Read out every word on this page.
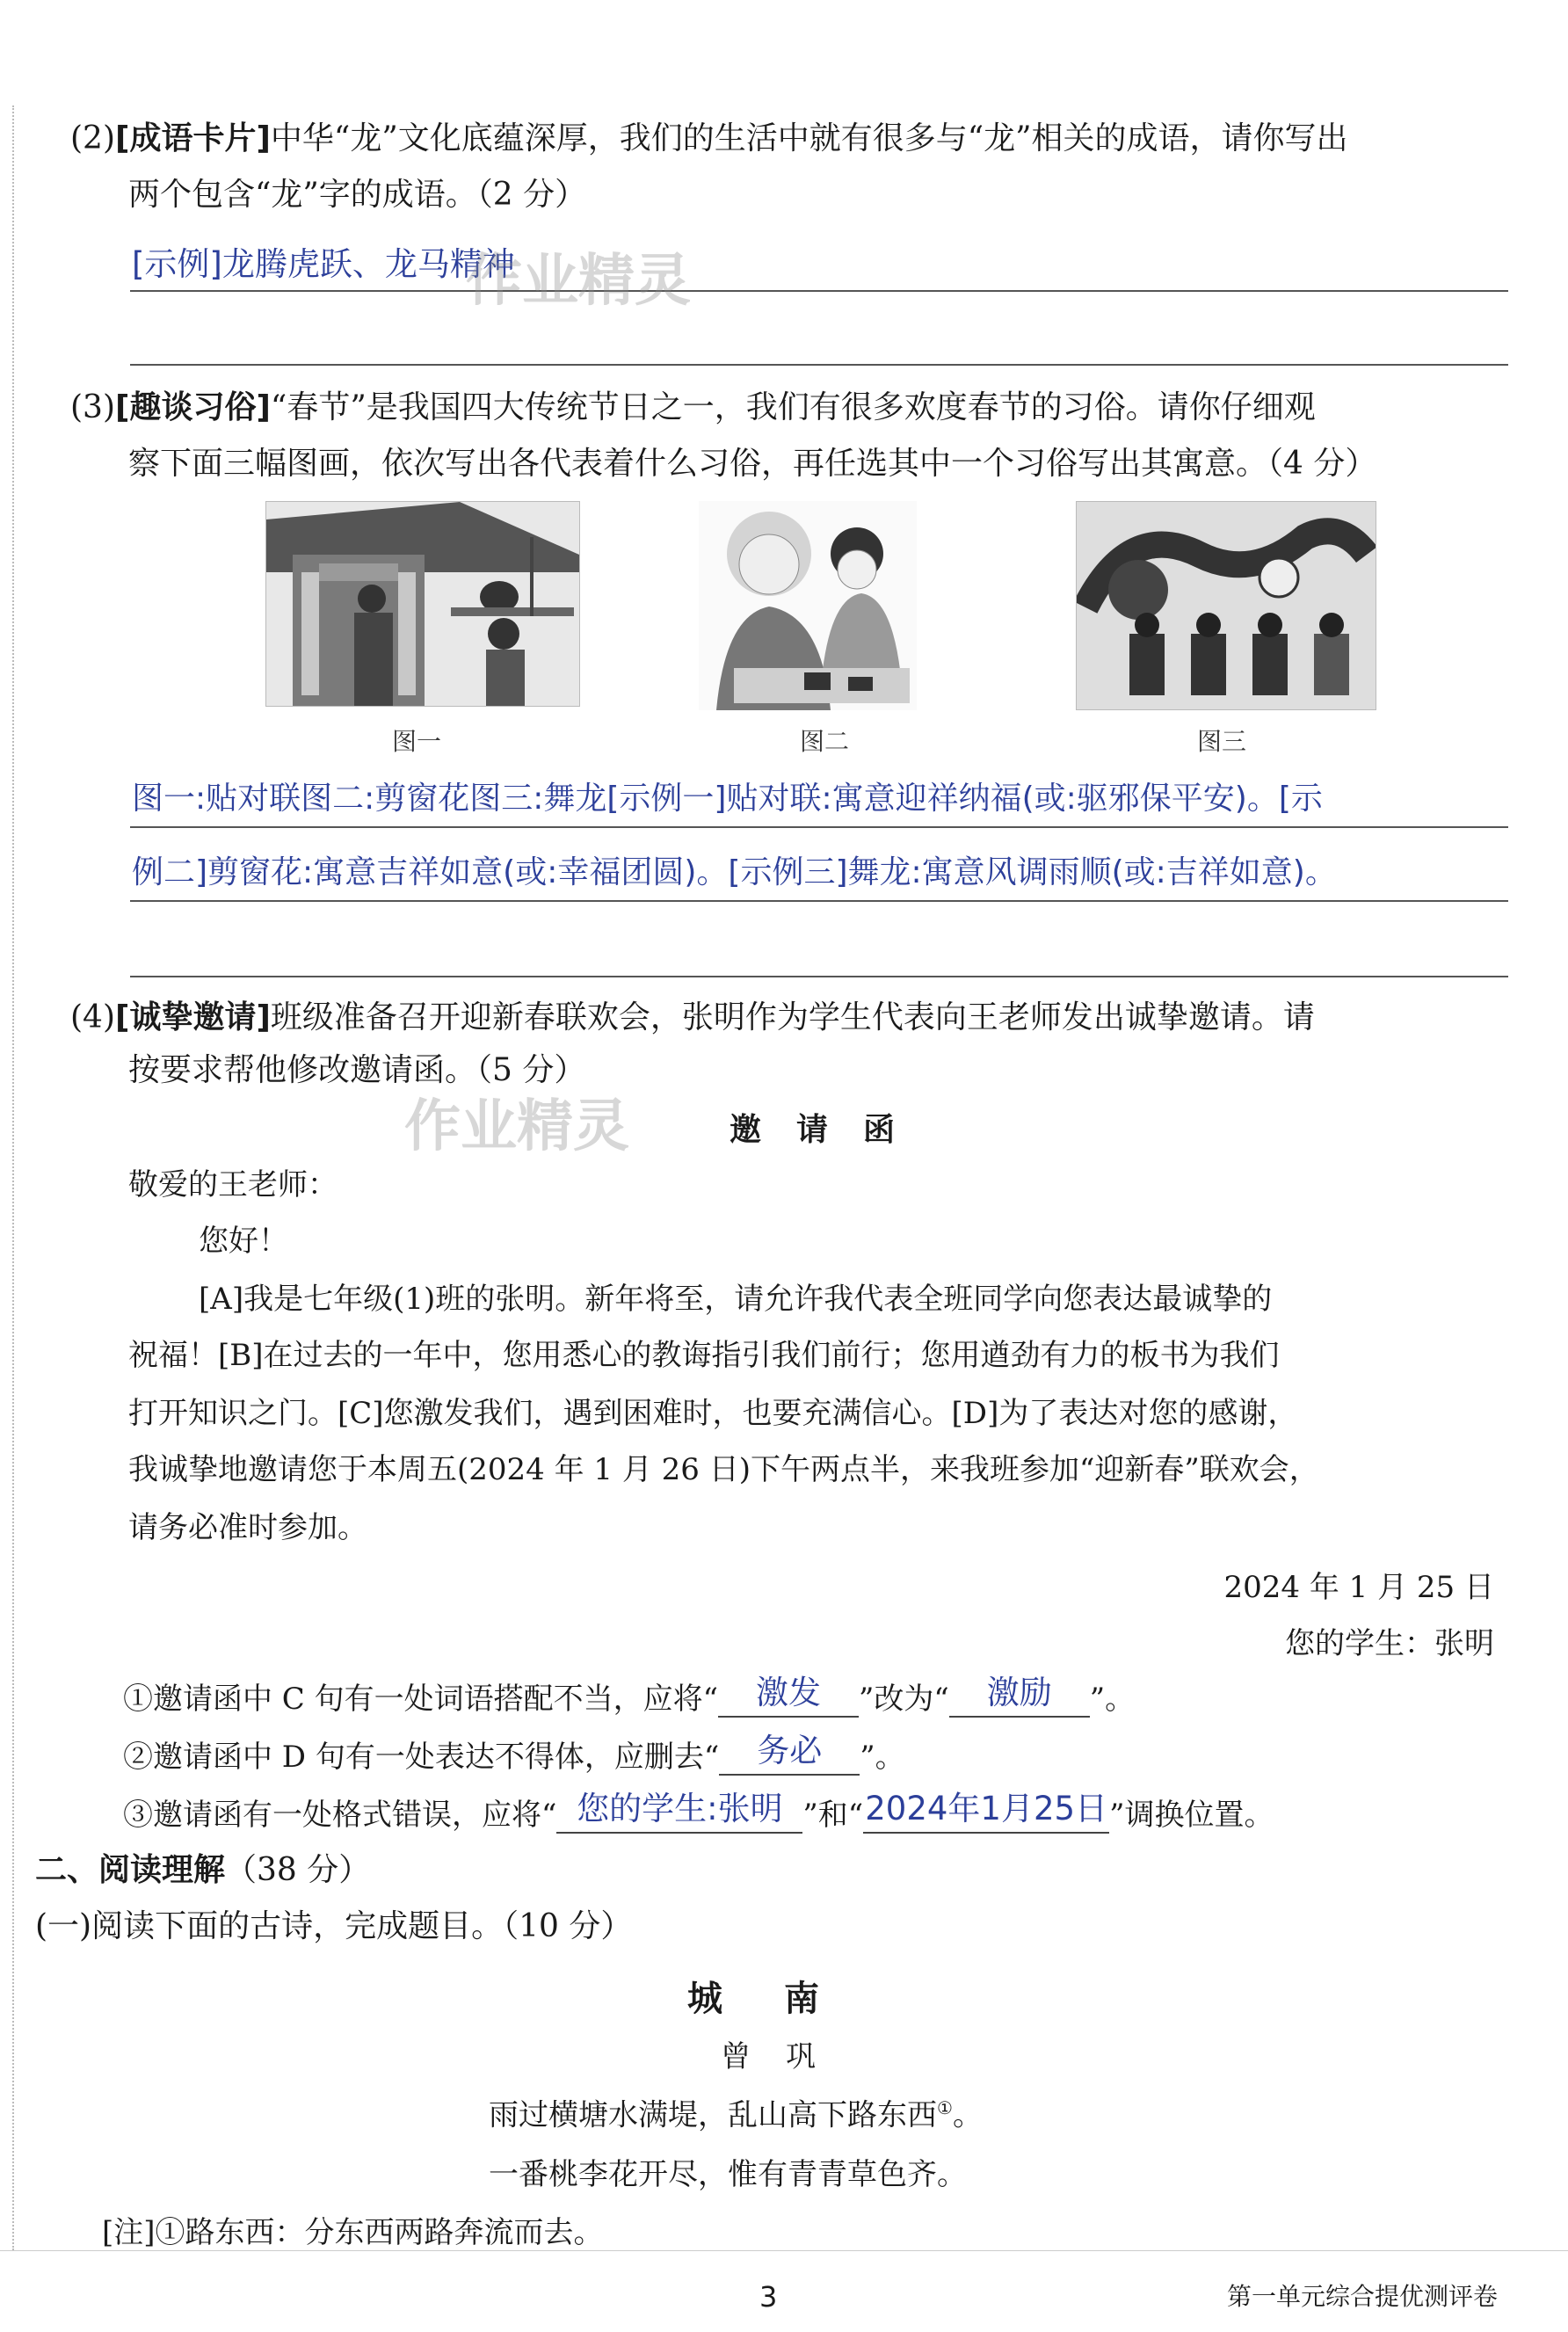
(2)[成语卡片]中华“龙”文化底蕴深厚，我们的生活中就有很多与“龙”相关的成语，请你写出
两个包含“龙”字的成语。（2 分）
[示例]龙腾虎跃、龙马精神
作业精灵
(3)[趣谈习俗]“春节”是我国四大传统节日之一，我们有很多欢度春节的习俗。请你仔细观
察下面三幅图画，依次写出各代表着什么习俗，再任选其中一个习俗写出其寓意。（4 分）
图一	图二	图三
图一:贴对联图二:剪窗花图三:舞龙[示例一]贴对联:寓意迎祥纳福(或:驱邪保平安)。[示
例二]剪窗花:寓意吉祥如意(或:幸福团圆)。[示例三]舞龙:寓意风调雨顺(或:吉祥如意)。
(4)[诚挚邀请]班级准备召开迎新春联欢会，张明作为学生代表向王老师发出诚挚邀请。请
按要求帮他修改邀请函。（5 分）
作业精灵	邀请函
敬爱的王老师：
您好！
[A]我是七年级(1)班的张明。新年将至，请允许我代表全班同学向您表达最诚挚的
祝福！[B]在过去的一年中，您用悉心的教诲指引我们前行；您用遒劲有力的板书为我们
打开知识之门。[C]您激发我们，遇到困难时，也要充满信心。[D]为了表达对您的感谢，
我诚挚地邀请您于本周五(2024 年 1 月 26 日)下午两点半，来我班参加“迎新春”联欢会，
请务必准时参加。
2024 年 1 月 25 日
您的学生：张明
①邀请函中 C 句有一处词语搭配不当，应将“	激发	”改为“	激励	”。
②邀请函中 D 句有一处表达不得体，应删去“	务必	”。
③邀请函有一处格式错误，应将“ 您的学生:张明 ”和“ 2024年1月25日 ”调换位置。
二、阅读理解（38 分）
(一)阅读下面的古诗，完成题目。（10 分）
城南
曾巩
雨过横塘水满堤，乱山高下路东西①。
一番桃李花开尽，惟有青青草色齐。
[注]①路东西：分东西两路奔流而去。
3	第一单元综合提优测评卷
